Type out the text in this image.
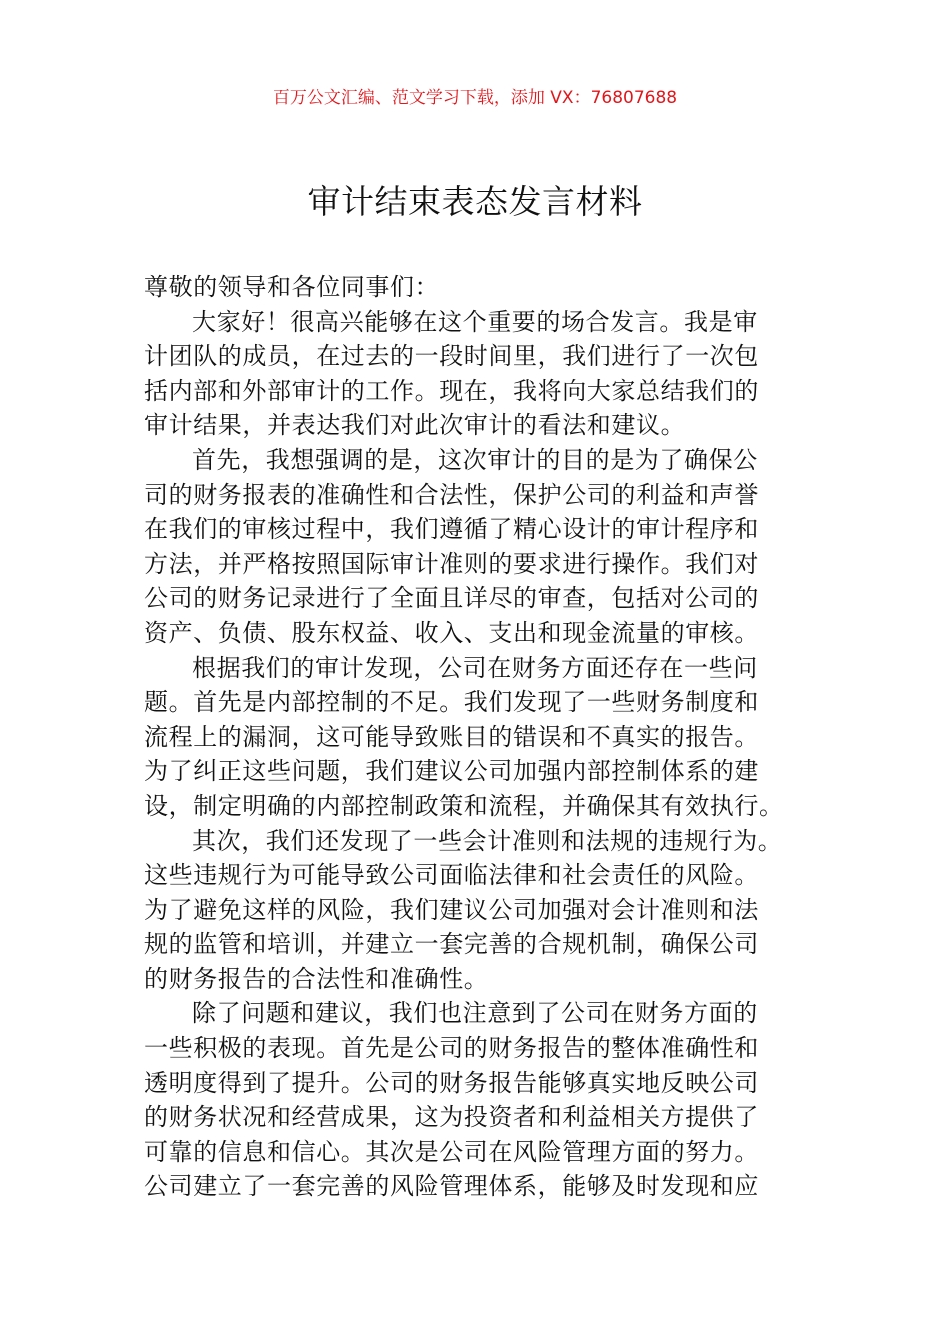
百万公文汇编、范文学习下载，添加 VX：76807688
审计结束表态发言材料
尊敬的领导和各位同事们：
大家好！很高兴能够在这个重要的场合发言。我是审
计团队的成员，在过去的一段时间里，我们进行了一次包
括内部和外部审计的工作。现在，我将向大家总结我们的
审计结果，并表达我们对此次审计的看法和建议。
首先，我想强调的是，这次审计的目的是为了确保公
司的财务报表的准确性和合法性，保护公司的利益和声誉
在我们的审核过程中，我们遵循了精心设计的审计程序和
方法，并严格按照国际审计准则的要求进行操作。我们对
公司的财务记录进行了全面且详尽的审查，包括对公司的
资产、负债、股东权益、收入、支出和现金流量的审核。
根据我们的审计发现，公司在财务方面还存在一些问
题。首先是内部控制的不足。我们发现了一些财务制度和
流程上的漏洞，这可能导致账目的错误和不真实的报告。
为了纠正这些问题，我们建议公司加强内部控制体系的建
设，制定明确的内部控制政策和流程，并确保其有效执行。
其次，我们还发现了一些会计准则和法规的违规行为。
这些违规行为可能导致公司面临法律和社会责任的风险。
为了避免这样的风险，我们建议公司加强对会计准则和法
规的监管和培训，并建立一套完善的合规机制，确保公司
的财务报告的合法性和准确性。
除了问题和建议，我们也注意到了公司在财务方面的
一些积极的表现。首先是公司的财务报告的整体准确性和
透明度得到了提升。公司的财务报告能够真实地反映公司
的财务状况和经营成果，这为投资者和利益相关方提供了
可靠的信息和信心。其次是公司在风险管理方面的努力。
公司建立了一套完善的风险管理体系，能够及时发现和应
